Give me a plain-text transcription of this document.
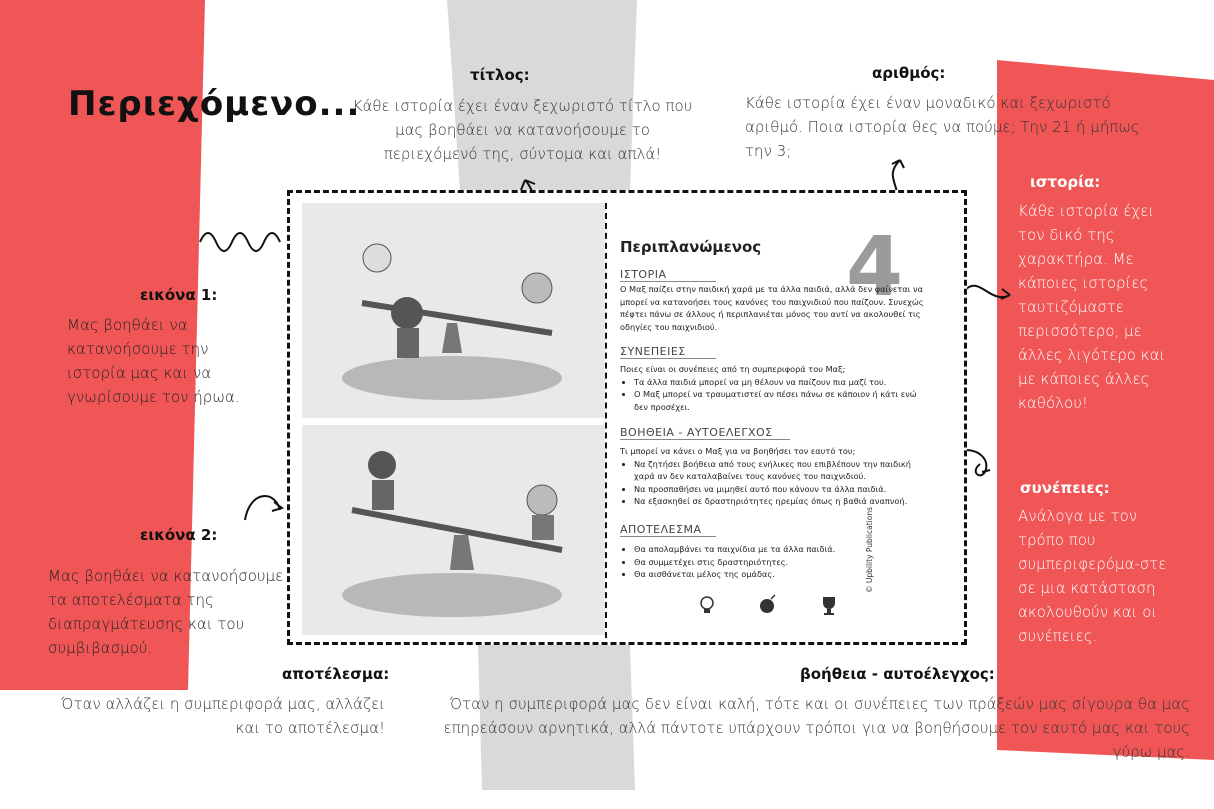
Περιεχόμενο...
τίτλος:
Κάθε ιστορία έχει έναν ξεχωριστό τίτλο που μας βοηθάει να κατανοήσουμε το περιεχόμενό της, σύντομα και απλά!
αριθμός:
Κάθε ιστορία έχει έναν μοναδικό και ξεχωριστό αριθμό. Ποια ιστορία θες να πούμε; Την 21 ή μήπως την 3;
ιστορία:
Κάθε ιστορία έχει τον δικό της χαρακτήρα. Με κάποιες ιστορίες ταυτιζόμαστε περισσότερο, με άλλες λιγότερο και με κάποιες άλλες καθόλου!
εικόνα 1:
Μας βοηθάει να κατανοήσουμε την ιστορία μας και να γνωρίσουμε τον ήρωα.
εικόνα 2:
Μας βοηθάει να κατανοήσουμε τα αποτελέσματα της διαπραγμάτευσης και του συμβιβασμού.
συνέπειες:
Ανάλογα με τον τρόπο που συμπεριφερόμα-στε σε μια κατάσταση ακολουθούν και οι συνέπειες.
αποτέλεσμα:
Όταν αλλάζει η συμπεριφορά μας, αλλάζει και το αποτέλεσμα!
βοήθεια - αυτοέλεγχος:
Όταν η συμπεριφορά μας δεν είναι καλή, τότε και οι συνέπειες των πράξεών μας σίγουρα θα μας επηρεάσουν αρνητικά, αλλά πάντοτε υπάρχουν τρόποι για να βοηθήσουμε τον εαυτό μας και τους γύρω μας.
Περιπλανώμενος 4
ΙΣΤΟΡΙΑ
Ο Μαξ παίζει στην παιδική χαρά με τα άλλα παιδιά, αλλά δεν φαίνεται να μπορεί να κατανοήσει τους κανόνες του παιχνιδιού που παίζουν. Συνεχώς πέφτει πάνω σε άλλους ή περιπλανιέται μόνος του αντί να ακολουθεί τις οδηγίες του παιχνιδιού.
ΣΥΝΕΠΕΙΕΣ
Ποιες είναι οι συνέπειες από τη συμπεριφορά του Μαξ;
• Τα άλλα παιδιά μπορεί να μη θέλουν να παίζουν πια μαζί του.
• Ο Μαξ μπορεί να τραυματιστεί αν πέσει πάνω σε κάποιον ή κάτι ενώ δεν προσέχει.
ΒΟΗΘΕΙΑ - ΑΥΤΟΕΛΕΓΧΟΣ
Τι μπορεί να κάνει ο Μαξ για να βοηθήσει τον εαυτό του;
• Να ζητήσει βοήθεια από τους ενήλικες που επιβλέπουν την παιδική χαρά αν δεν καταλαβαίνει τους κανόνες του παιχνιδιού.
• Να προσπαθήσει να μιμηθεί αυτό που κάνουν τα άλλα παιδιά.
• Να εξασκηθεί σε δραστηριότητες ηρεμίας όπως η βαθιά αναπνοή.
ΑΠΟΤΕΛΕΣΜΑ
• Θα απολαμβάνει τα παιχνίδια με τα άλλα παιδιά.
• Θα συμμετέχει στις δραστηριότητες.
• Θα αισθάνεται μέλος της ομάδας.	© Upbility Publications
